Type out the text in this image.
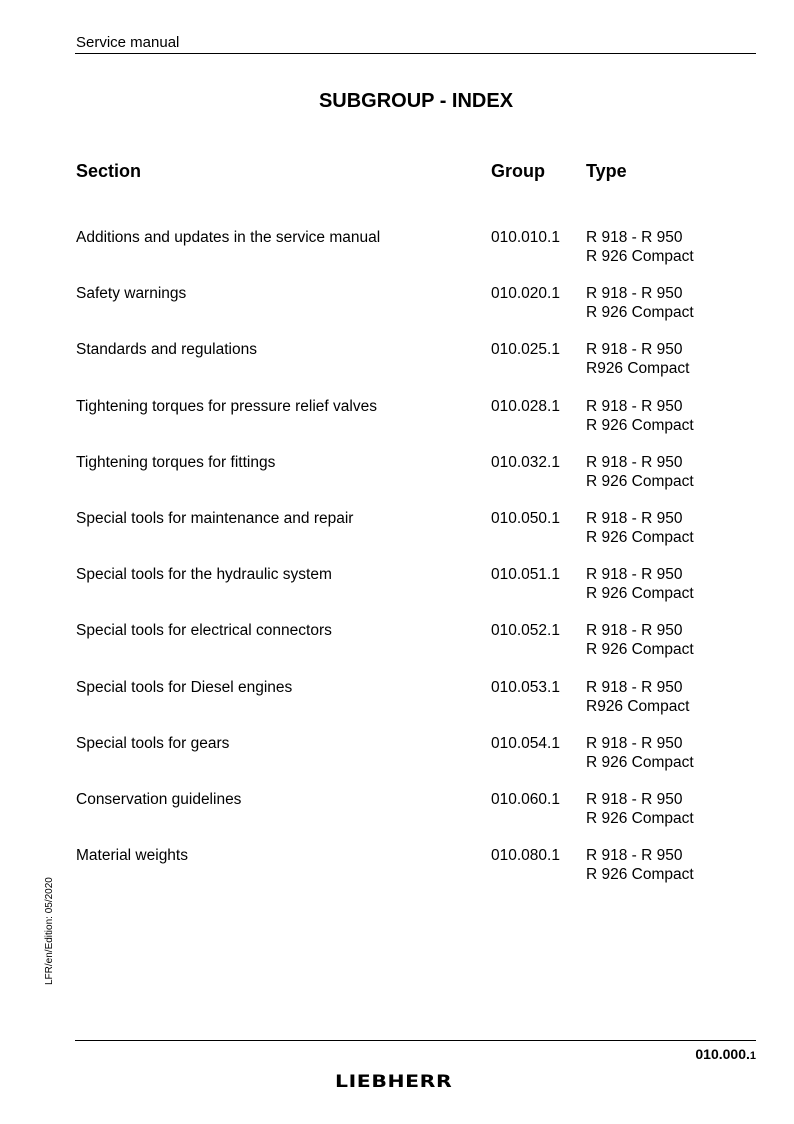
Service manual
SUBGROUP - INDEX
Section	Group Type
Additions and updates in the service manual	010.010.1 R 918 - R 950
R 926 Compact
Safety warnings	010.020.1 R 918 - R 950
R 926 Compact
Standards and regulations	010.025.1 R 918 - R 950
R926 Compact
Tightening torques for pressure relief valves	010.028.1 R 918 - R 950
R 926 Compact
Tightening torques for fittings	010.032.1 R 918 - R 950
R 926 Compact
Special tools for maintenance and repair	010.050.1 R 918 - R 950
R 926 Compact
Special tools for the hydraulic system	010.051.1 R 918 - R 950
R 926 Compact
Special tools for electrical connectors	010.052.1 R 918 - R 950
R 926 Compact
Special tools for Diesel engines	010.053.1 R 918 - R 950
R926 Compact
Special tools for gears	010.054.1 R 918 - R 950
R 926 Compact
Conservation guidelines	010.060.1 R 918 - R 950
R 926 Compact
Material weights	010.080.1 R 918 - R 950
R 926 Compact
LFR/en/Edition: 05/2020
010.000.1
LIEBHERR
